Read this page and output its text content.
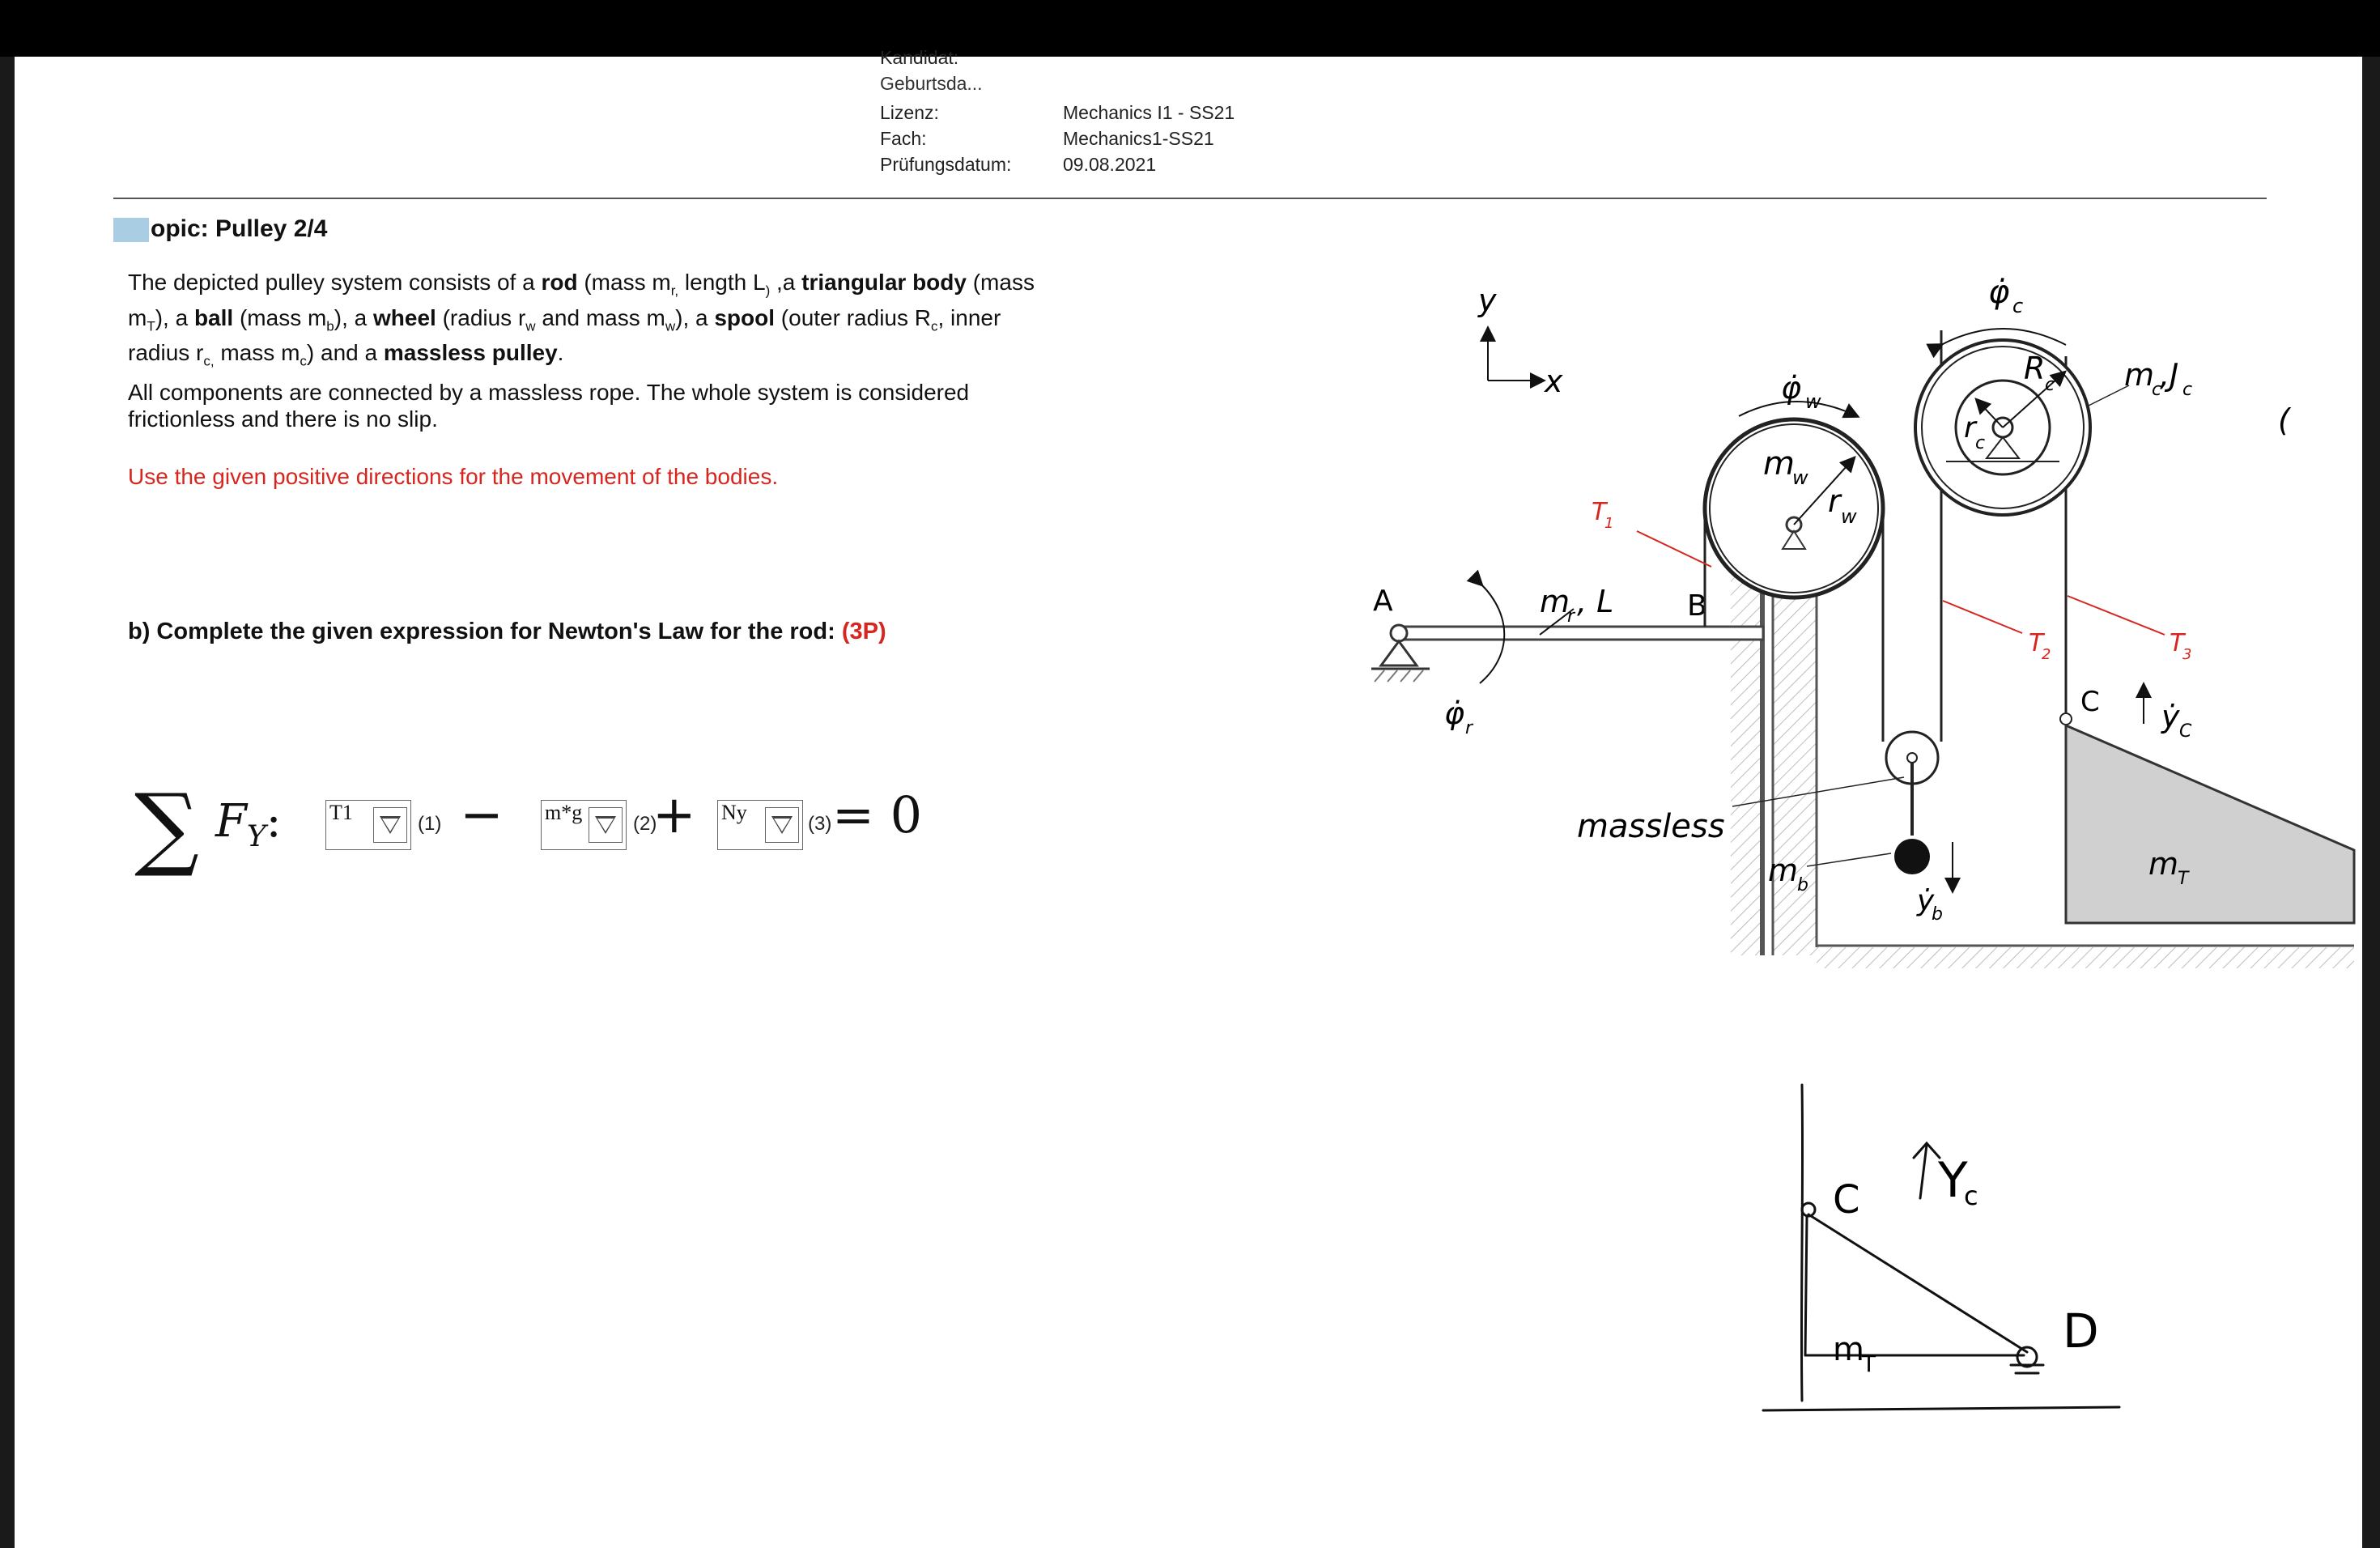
Kandidat:
Geburtsda...
Lizenz:	Mechanics I1 - SS21
Fach:	Mechanics1-SS21
Prüfungsdatum:	09.08.2021
opic: Pulley 2/4
The depicted pulley system consists of a rod (mass $m_{r,}$ length $L_)$ ,a triangular body (mass $m_T$), a ball (mass $m_b$), a wheel (radius $r_w$ and mass $m_w$), a spool (outer radius $R_c$, inner radius $r_{c,}$ mass $m_c$) and a massless pulley.
All components are connected by a massless rope. The whole system is considered frictionless and there is no slip.
Use the given positive directions for the movement of the bodies.
b) Complete the given expression for Newton's Law for the rod: (3P)
∑ $F_Y$: T1	(1) − m*g	(2)
+ Ny	(3) = 0
y
x
A	B
m
r , L
φ̇ r
m
w
r w
φ̇ w
ẏ
b
m
b
massless
R c
r c
φ̇ c
m
c
, J c
(
T
1
T
2	T
3
C ẏ C
m
T
C Y
c
m
T
D
